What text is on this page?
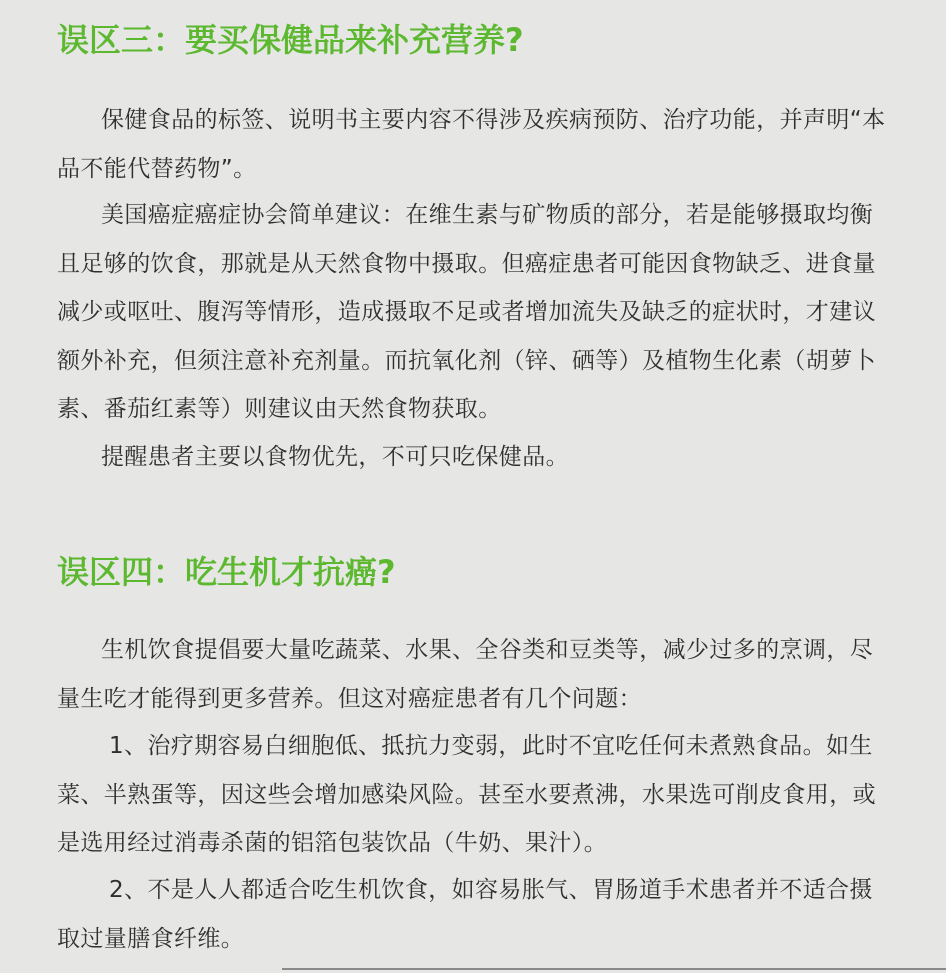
误区三：要买保健品来补充营养?

保健食品的标签、说明书主要内容不得涉及疾病预防、治疗功能，并声明“本品不能代替药物”。

美国癌症癌症协会简单建议：在维生素与矿物质的部分，若是能够摄取均衡且足够的饮食，那就是从天然食物中摄取。但癌症患者可能因食物缺乏、进食量减少或呕吐、腹泻等情形，造成摄取不足或者增加流失及缺乏的症状时，才建议额外补充，但须注意补充剂量。而抗氧化剂（锌、硒等）及植物生化素（胡萝卜素、番茄红素等）则建议由天然食物获取。

提醒患者主要以食物优先，不可只吃保健品。

误区四：吃生机才抗癌?

生机饮食提倡要大量吃蔬菜、水果、全谷类和豆类等，减少过多的烹调，尽量生吃才能得到更多营养。但这对癌症患者有几个问题：

1、治疗期容易白细胞低、抵抗力变弱，此时不宜吃任何未煮熟食品。如生菜、半熟蛋等，因这些会增加感染风险。甚至水要煮沸，水果选可削皮食用，或是选用经过消毒杀菌的铝箔包装饮品（牛奶、果汁）。

2、不是人人都适合吃生机饮食，如容易胀气、胃肠道手术患者并不适合摄取过量膳食纤维。
